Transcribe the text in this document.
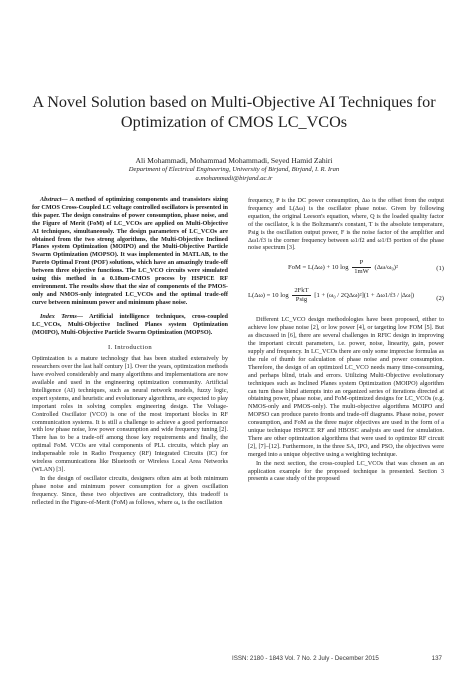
A Novel Solution based on Multi-Objective AI Techniques for Optimization of CMOS LC_VCOs
Ali Mohammadi, Mohammad Mohammadi, Seyed Hamid Zahiri
Department of Electrical Engineering, University of Birjand, Birjand, I. R. Iran
a.mohammadi@birjand.ac.ir

Abstract— A method of optimizing components and transistors sizing for CMOS Cross-Coupled LC voltage controlled oscillators is presented in this paper. The design constrains of power consumption, phase noise, and the Figure of Merit (FoM) of LC_VCOs are applied on Multi-Objective AI techniques, simultaneously. The design parameters of LC_VCOs are obtained from the two strong algorithms, the Multi-Objective Inclined Planes system Optimization (MOIPO) and the Multi-Objective Particle Swarm Optimization (MOPSO). It was implemented in MATLAB, to the Pareto Optimal Front (POF) solutions, which have an amazingly trade-off between three objective functions. The LC_VCO circuits were simulated using this method in a 0.18um-CMOS process by HSPICE RF environment. The results show that the size of components of the PMOS-only and NMOS-only integrated LC_VCOs and the optimal trade-off curve between minimum power and minimum phase noise.

Index Terms— Artificial intelligence techniques, cross-coupled LC_VCOs, Multi-Objective Inclined Planes system Optimization (MOIPO), Multi-Objective Particle Swarm Optimization (MOPSO).

I. Introduction

Optimization is a mature technology that has been studied extensively by researchers over the last half century [1]. Over the years, optimization methods have evolved considerably and many algorithms and implementations are now available and used in the engineering optimization community. Artificial Intelligence (AI) techniques, such as neural network models, fuzzy logic, expert systems, and heuristic and evolutionary algorithms, are expected to play important roles in solving complex engineering design. The Voltage-Controlled Oscillator (VCO) is one of the most important blocks in RF communication systems. It is still a challenge to achieve a good performance with low phase noise, low power consumption and wide frequency tuning [2]. There has to be a trade-off among those key requirements and finally, the optimal FoM. VCOs are vital components of PLL circuits, which play an indispensable role in Radio Frequency (RF) Integrated Circuits (IC) for wireless communications like Bluetooth or Wireless Local Area Networks (WLAN) [3].

In the design of oscillator circuits, designers often aim at both minimum phase noise and minimum power consumption for a given oscillation frequency. Since, these two objectives are contradictory, this tradeoff is reflected in the Figure-of-Merit (FoM) as follows, where ω₀ is the oscillation

frequency, P is the DC power consumption, Δω is the offset from the output frequency and L(Δω) is the oscillator phase noise. Given by following equation, the original Leeson's equation, where, Q is the loaded quality factor of the oscillator, k is the Boltzmann's constant, T is the absolute temperature, Psig is the oscillation output power, F is the noise factor of the amplifier and Δω1/f3 is the corner frequency between ω1/f2 and ω1/f3 portion of the phase noise spectrum [3].

FoM = L(Δω) + 10 $\log \frac{P}{1mW} (\Delta\omega/\omega_0)^2$	(1)
L(Δω) = 10 $\log \frac{\text{2FkT}}{\text{Psig}} [1 + (\omega_0 / 2Q\Delta\omega)^2](1 + \Delta\omega 1/f3 / |\Delta\omega|)$	(2)

Different LC_VCO design methodologies have been proposed, either to achieve low phase noise [2], or low power [4], or targeting low FOM [5]. But as discussed in [6], there are several challenges in RFIC design in improving the important circuit parameters, i.e. power, noise, linearity, gain, power supply and frequency. In LC_VCOs there are only some imprecise formulas as the rule of thumb for calculation of phase noise and power consumption. Therefore, the design of an optimized LC_VCO needs many time-consuming, and perhaps blind, trials and errors. Utilizing Multi-Objective evolutionary techniques such as Inclined Planes system Optimization (MOIPO) algorithm can turn these blind attempts into an organized series of iterations directed at obtaining power, phase noise, and FoM-optimized designs for LC_VCOs (e.g. NMOS-only and PMOS-only). The multi-objective algorithms MOIPO and MOPSO can produce pareto fronts and trade-off diagrams. Phase noise, power consumption, and FoM as the three major objectives are used in the form of a unique technique HSPICE RF and HBOSC analysis are used for simulation. There are other optimization algorithms that were used to optimize RF circuit [2], [7]–[12]. Furthermore, in the three SA, IPO, and PSO, the objectives were merged into a unique objective using a weighting technique.

In the next section, the cross-coupled LC_VCOs that was chosen as an application example for the proposed technique is presented. Section 3 presents a case study of the proposed

ISSN: 2180 - 1843 Vol. 7 No. 2 July - December 2015	137
